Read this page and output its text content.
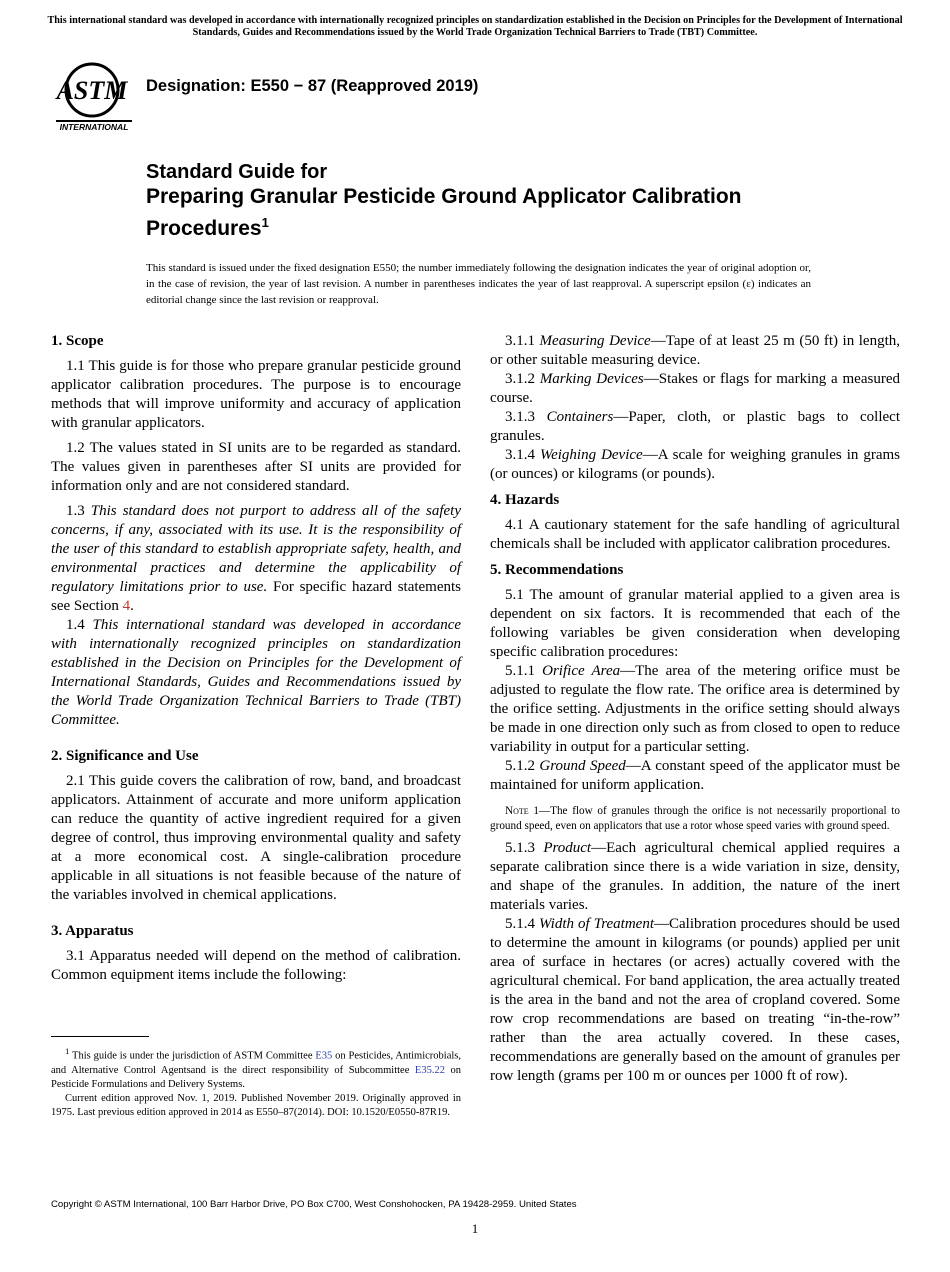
This international standard was developed in accordance with internationally recognized principles on standardization established in the Decision on Principles for the Development of International Standards, Guides and Recommendations issued by the World Trade Organization Technical Barriers to Trade (TBT) Committee.
ASTM
INTERNATIONAL
Designation: E550 − 87 (Reapproved 2019)
Standard Guide for
Preparing Granular Pesticide Ground Applicator Calibration Procedures$^1$
This standard is issued under the fixed designation E550; the number immediately following the designation indicates the year of original adoption or, in the case of revision, the year of last revision. A number in parentheses indicates the year of last reapproval. A superscript epsilon (ε) indicates an editorial change since the last revision or reapproval.
1. Scope

1.1 This guide is for those who prepare granular pesticide ground applicator calibration procedures. The purpose is to encourage methods that will improve uniformity and accuracy of application with granular applicators.

1.2 The values stated in SI units are to be regarded as standard. The values given in parentheses after SI units are provided for information only and are not considered standard.

1.3 This standard does not purport to address all of the safety concerns, if any, associated with its use. It is the responsibility of the user of this standard to establish appropriate safety, health, and environmental practices and determine the applicability of regulatory limitations prior to use. For specific hazard statements see Section 4.

1.4 This international standard was developed in accordance with internationally recognized principles on standardization established in the Decision on Principles for the Development of International Standards, Guides and Recommendations issued by the World Trade Organization Technical Barriers to Trade (TBT) Committee.

2. Significance and Use

2.1 This guide covers the calibration of row, band, and broadcast applicators. Attainment of accurate and more uniform application can reduce the quantity of active ingredient required for a given degree of control, thus improving environmental quality and safety at a more economical cost. A single-calibration procedure applicable in all situations is not feasible because of the nature of the variables involved in chemical applications.

3. Apparatus

3.1 Apparatus needed will depend on the method of calibration. Common equipment items include the following:

3.1.1 Measuring Device—Tape of at least 25 m (50 ft) in length, or other suitable measuring device.

3.1.2 Marking Devices—Stakes or flags for marking a measured course.

3.1.3 Containers—Paper, cloth, or plastic bags to collect granules.

3.1.4 Weighing Device—A scale for weighing granules in grams (or ounces) or kilograms (or pounds).

4. Hazards

4.1 A cautionary statement for the safe handling of agricultural chemicals shall be included with applicator calibration procedures.

5. Recommendations

5.1 The amount of granular material applied to a given area is dependent on six factors. It is recommended that each of the following variables be given consideration when developing specific calibration procedures:

5.1.1 Orifice Area—The area of the metering orifice must be adjusted to regulate the flow rate. The orifice area is determined by the orifice setting. Adjustments in the orifice setting should always be made in one direction only such as from closed to open to reduce variability in output for a particular setting.

5.1.2 Ground Speed—A constant speed of the applicator must be maintained for uniform application.

Note 1—The flow of granules through the orifice is not necessarily proportional to ground speed, even on applicators that use a rotor whose speed varies with ground speed.

5.1.3 Product—Each agricultural chemical applied requires a separate calibration since there is a wide variation in size, density, and shape of the granules. In addition, the nature of the inert materials varies.

5.1.4 Width of Treatment—Calibration procedures should be used to determine the amount in kilograms (or pounds) applied per unit area of surface in hectares (or acres) actually covered with the agricultural chemical. For band application, the area actually treated is the area in the band and not the area of cropland covered. Some row crop recommendations are based on treating “in-the-row” rather than the area actually covered. In these cases, recommendations are generally based on the amount of granules per row length (grams per 100 m or ounces per 1000 ft of row).

$^1$ This guide is under the jurisdiction of ASTM Committee E35 on Pesticides, Antimicrobials, and Alternative Control Agentsand is the direct responsibility of Subcommittee E35.22 on Pesticide Formulations and Delivery Systems.

Current edition approved Nov. 1, 2019. Published November 2019. Originally approved in 1975. Last previous edition approved in 2014 as E550–87(2014). DOI: 10.1520/E0550-87R19.

Copyright © ASTM International, 100 Barr Harbor Drive, PO Box C700, West Conshohocken, PA 19428-2959. United States
1
